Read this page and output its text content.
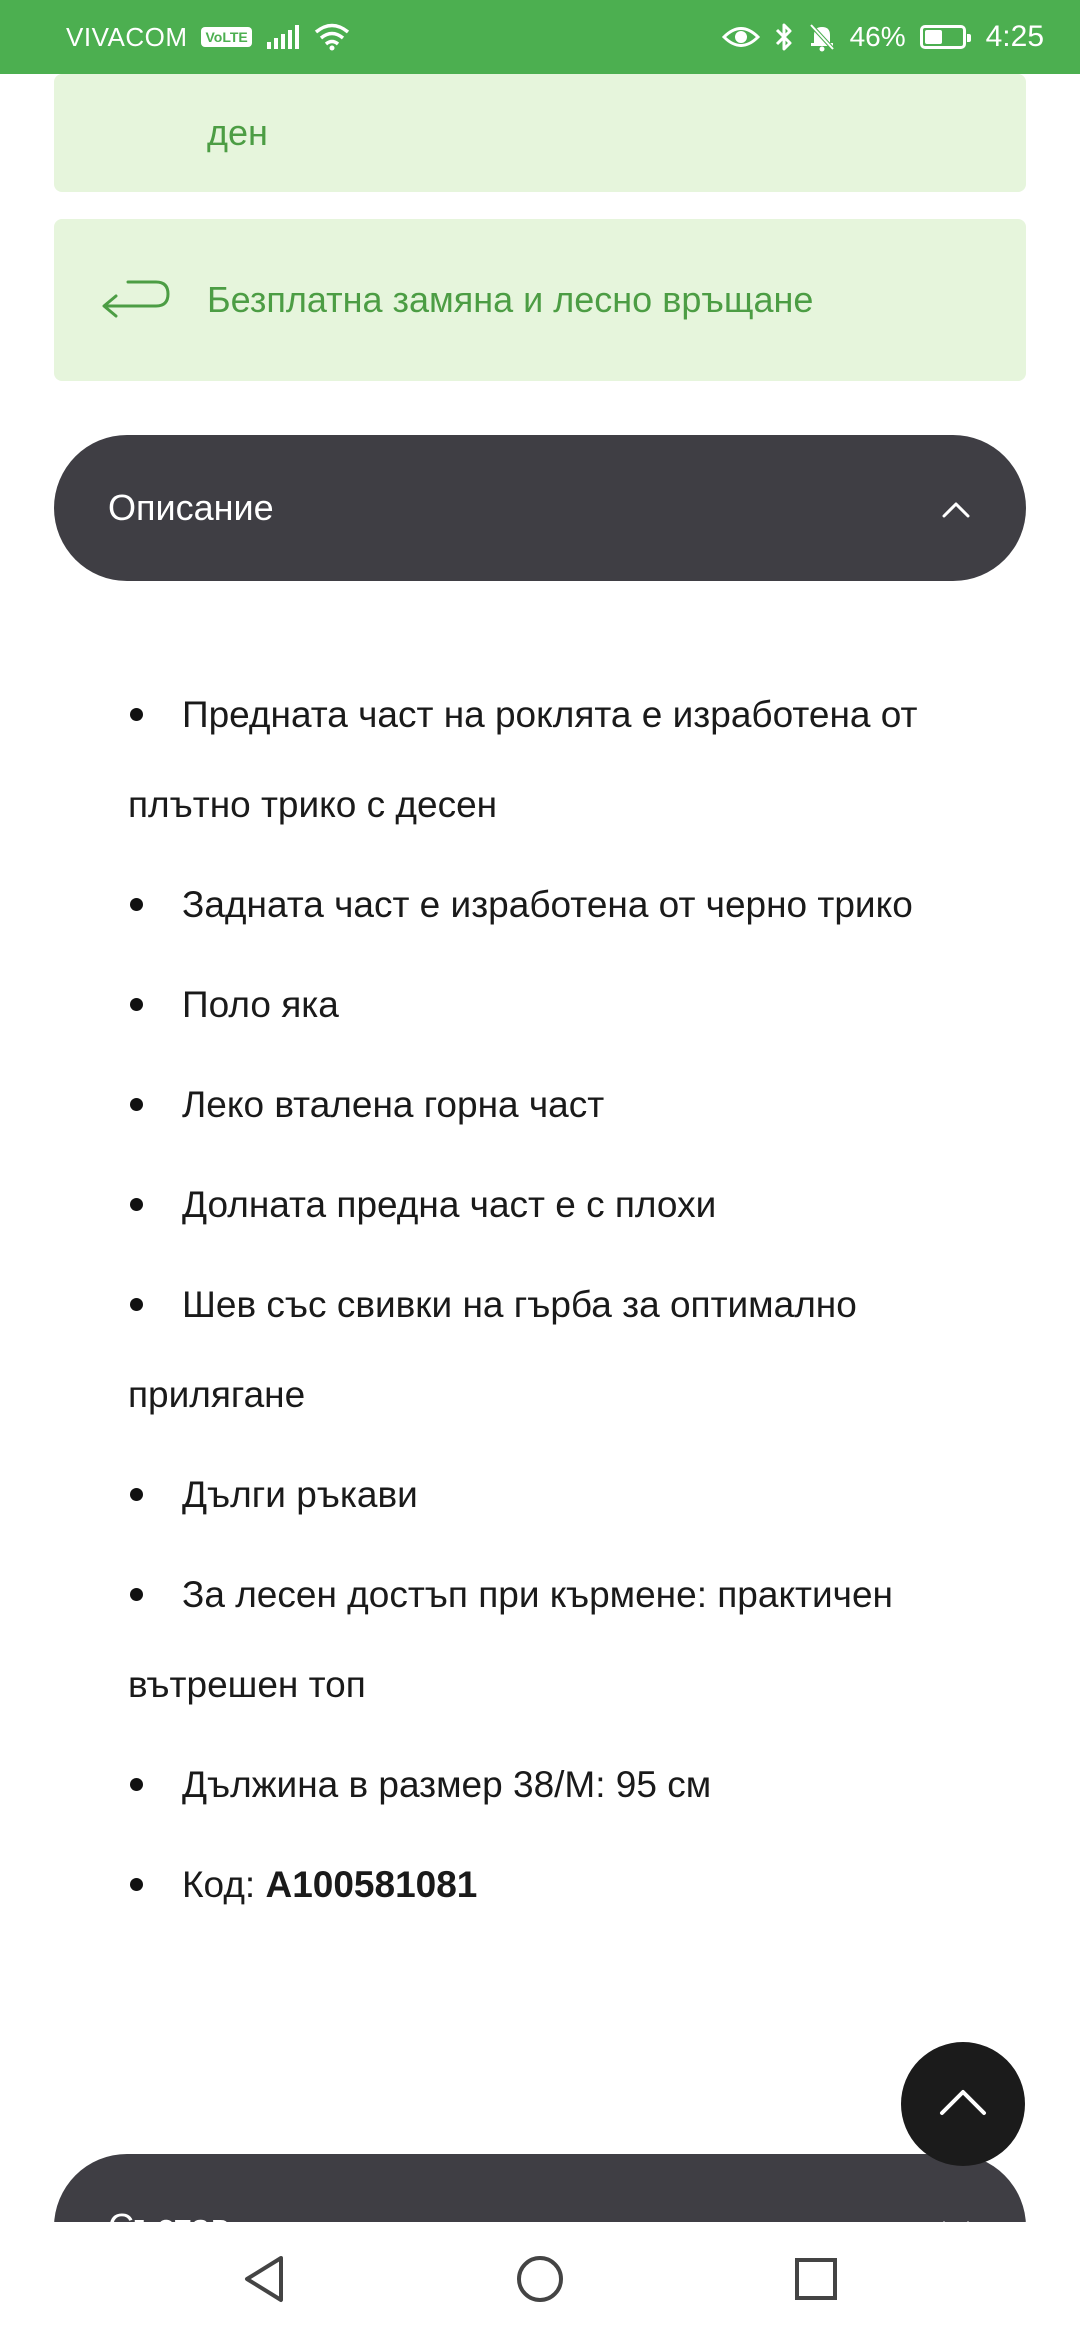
VIVACOM VoLTE	46%	4:25
ден
Безплатна замяна и лесно връщане
Описание
Предната част на роклята е изработена от плътно трико с десен
Задната част е изработена от черно трико
Поло яка
Леко вталена горна част
Долната предна част е с плохи
Шев със свивки на гърба за оптимално прилягане
Дълги ръкави
За лесен достъп при кърмене: практичен вътрешен топ
Дължина в размер 38/M: 95 см
Код: A100581081
